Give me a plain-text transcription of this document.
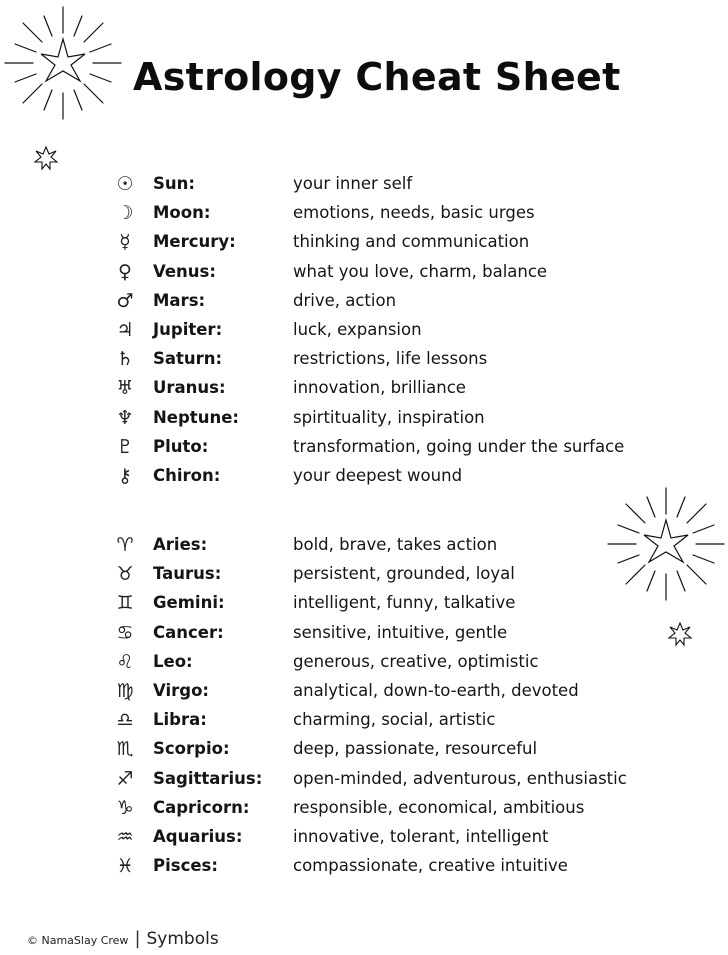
Astrology Cheat Sheet
☉ Sun:	your inner self
☽ Moon:	emotions, needs, basic urges
☿	Mercury:	thinking and communication
♀ Venus:	what you love, charm, balance
♂ Mars:	drive, action
♃ Jupiter:	luck, expansion
♄ Saturn:	restrictions, life lessons
♅ Uranus:	innovation, brilliance
♆ Neptune:	spirtituality, inspiration
♇ Pluto:	transformation, going under the surface
⚷ Chiron:	your deepest wound
♈ Aries:	bold, brave, takes action
♉ Taurus:	persistent, grounded, loyal
♊ Gemini:	intelligent, funny, talkative
♋ Cancer:	sensitive, intuitive, gentle
♌ Leo:	generous, creative, optimistic
♍ Virgo:	analytical, down-to-earth, devoted
♎ Libra:	charming, social, artistic
♏ Scorpio:	deep, passionate, resourceful
♐ Sagittarius: open-minded, adventurous, enthusiastic
♑ Capricorn:	responsible, economical, ambitious
♒ Aquarius:	innovative, tolerant, intelligent
♓ Pisces:	compassionate, creative intuitive
© NamaSlay Crew | Symbols
